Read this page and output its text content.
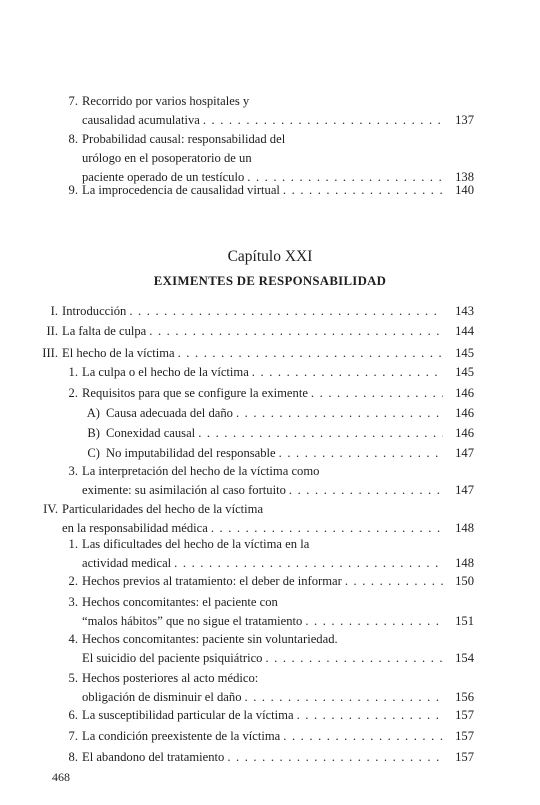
7. Recorrido por varios hospitales y
causalidad acumulativa . . .	137
8. Probabilidad causal: responsabilidad del
urólogo en el posoperatorio de un
paciente operado de un testículo . . .	138
9. La improcedencia de causalidad virtual . . .	140
I. Introducción . . .	143
II. La falta de culpa . . .	144
III. El hecho de la víctima . . .	145
1. La culpa o el hecho de la víctima . . .	145
2. Requisitos para que se configure la eximente . . .	146
A) Causa adecuada del daño . . .	146
B) Conexidad causal . . .	146
C) No imputabilidad del responsable . . .	147
3. La interpretación del hecho de la víctima como
eximente: su asimilación al caso fortuito . . .	147
IV. Particularidades del hecho de la víctima
en la responsabilidad médica . . .	148
1. Las dificultades del hecho de la víctima en la
actividad medical . . .	148
2. Hechos previos al tratamiento: el deber de informar . . .	150
3. Hechos concomitantes: el paciente con
“malos hábitos” que no sigue el tratamiento . . .	151
4. Hechos concomitantes: paciente sin voluntariedad.
El suicidio del paciente psiquiátrico . . .	154
5. Hechos posteriores al acto médico:
obligación de disminuir el daño . . .	156
6. La susceptibilidad particular de la víctima . . .	157
7. La condición preexistente de la víctima . . .	157
8. El abandono del tratamiento . . .	157
Capítulo XXI
EXIMENTES DE RESPONSABILIDAD
468
